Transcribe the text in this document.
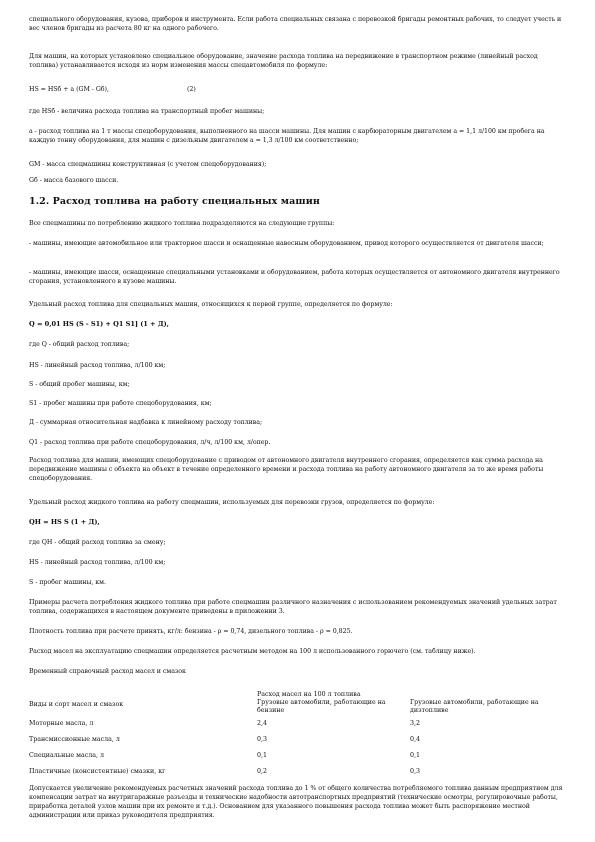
специального оборудования, кузова, приборов и инструмента. Если работа специальных связана с перевозкой бригады ремонтных рабочих, то следует учесть и вес членов бригады из расчета 80 кг на одного рабочего.

Для машин, на которых установлено специальное оборудование, значение расхода топлива на передвижение в транспортном режиме (линейный расход топлива) устанавливается исходя из норм изменения массы спецавтомобиля по формуле:

HS = HSб + а (GM - Gб),                                        (2)

где HSб - величина расхода топлива на транспортный пробег машины;

a - расход топлива на 1 т массы спецоборудования, выполненного на шасси машины. Для машин с карбюраторным двигателем a = 1,1 л/100 км пробега на каждую тонну оборудования, для машин с дизельным двигателем a = 1,3 л/100 км соответственно;

GM - масса спецмашины конструктивная (с учетом спецоборудования);

Gб - масса базового шасси.

1.2. Расход топлива на работу специальных машин

Все спецмашины по потреблению жидкого топлива подразделяются на следующие группы:

- машины, имеющие автомобильное или тракторное шасси и оснащенные навесным оборудованием, привод которого осуществляется от двигателя шасси;

- машины, имеющие шасси, оснащенные специальными установками и оборудованием, работа которых осуществляется от автономного двигателя внутреннего сгорания, установленного в кузове машины.

Удельный расход топлива для специальных машин, относящихся к первой группе, определяется по формуле:

Q = 0,01 HS (S - S1) + Q1 S1] (1 + Д),

где Q - общий расход топлива;

HS - линейный расход топлива, л/100 км;

S - общий пробег машины, км;

S1 - пробег машины при работе спецоборудования, км;

Д - суммарная относительная надбавка к линейному расходу топлива;

Q1 - расход топлива при работе спецоборудования, л/ч, л/100 км, л/опер.

Расход топлива для машин, имеющих спецоборудование с приводом от автономного двигателя внутреннего сгорания, определяется как сумма расхода на передвижение машины с объекта на объект в течение определенного времени и расхода топлива на работу автономного двигателя за то же время работы спецоборудования.

Удельный расход жидкого топлива на работу спецмашин, используемых для перевозки грузов, определяется по формуле:

QH = HS S (1 + Д),

где QH - общий расход топлива за смену;

HS - линейный расход топлива, л/100 км;

S - пробег машины, км.

Примеры расчета потребления жидкого топлива при работе спецмашин различного назначения с использованием рекомендуемых значений удельных затрат топлива, содержащихся в настоящем документе приведены в приложении 3.

Плотность топлива при расчете принять, кг/л: бензина - ρ = 0,74, дизельного топлива - ρ = 0,825.

Расход масел на эксплуатацию спецмашин определяется расчетным методом на 100 л использованного горючего (см. таблицу ниже).

Временный справочный расход масел и смазок

	Расход масел на 100 л топлива	
Виды и сорт масел и смазок	Грузовые автомобили, работающие на бензине	Грузовые автомобили, работающие на дизтопливе
Моторные масла, л	2,4	3,2
Трансмиссионные масла, л	0,3	0,4
Специальные масла, л	0,1	0,1
Пластичные (консистентные) смазки, кг	0,2	0,3

Допускается увеличение рекомендуемых расчетных значений расхода топлива до 1 % от общего количества потребляемого топлива данным предприятием для компенсации затрат на внутригаражные разъезды и технические надобности автотранспортных предприятий (технические осмотры, регулировочные работы, приработка деталей узлов машин при их ремонте и т.д.). Основанием для указанного повышения расхода топлива может быть распоряжение местной администрации или приказ руководителя предприятия.
